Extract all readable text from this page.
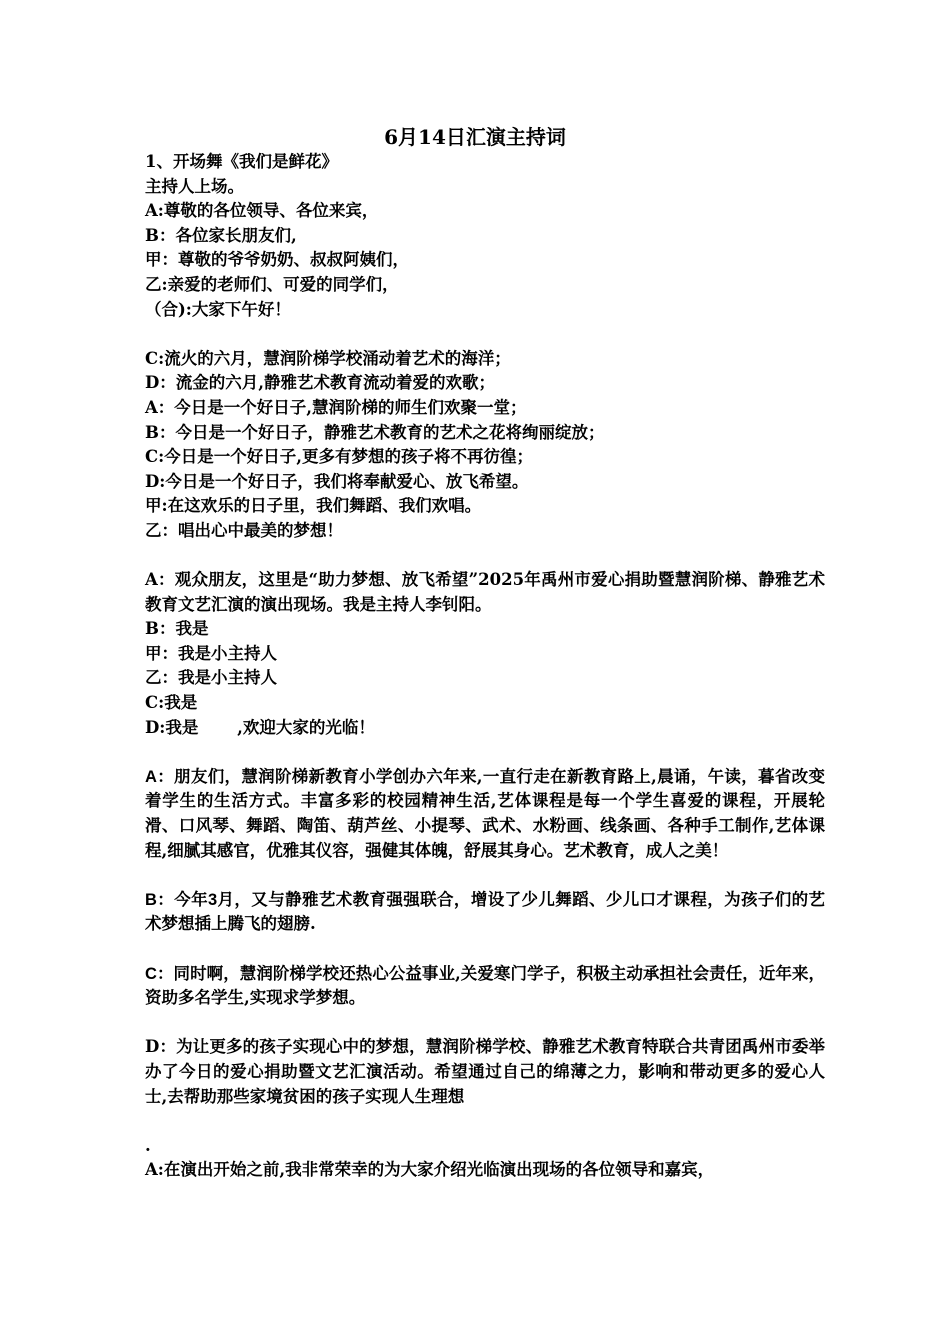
6月14日汇演主持词
1、开场舞《我们是鲜花》
主持人上场。
A:尊敬的各位领导、各位来宾，
B：各位家长朋友们,
甲：尊敬的爷爷奶奶、叔叔阿姨们，
乙:亲爱的老师们、可爱的同学们，
（合):大家下午好！
C:流火的六月，慧润阶梯学校涌动着艺术的海洋；
D：流金的六月,静雅艺术教育流动着爱的欢歌；
A：今日是一个好日子,慧润阶梯的师生们欢聚一堂；
B：今日是一个好日子，静雅艺术教育的艺术之花将绚丽绽放；
C:今日是一个好日子,更多有梦想的孩子将不再彷徨；
D:今日是一个好日子，我们将奉献爱心、放飞希望。
甲:在这欢乐的日子里，我们舞蹈、我们欢唱。
乙：唱出心中最美的梦想！
A：观众朋友，这里是“助力梦想、放飞希望”2025年禹州市爱心捐助暨慧润阶梯、静雅艺术教育文艺汇演的演出现场。我是主持人李钊阳。
B：我是
甲：我是小主持人
乙：我是小主持人
C:我是
D:我是　　 ,欢迎大家的光临！
A：朋友们，慧润阶梯新教育小学创办六年来,一直行走在新教育路上,晨诵，午读，暮省改变着学生的生活方式。丰富多彩的校园精神生活,艺体课程是每一个学生喜爱的课程，开展轮滑、口风琴、舞蹈、陶笛、葫芦丝、小提琴、武术、水粉画、线条画、各种手工制作,艺体课程,细腻其感官，优雅其仪容，强健其体魄，舒展其身心。艺术教育，成人之美！
B：今年3月，又与静雅艺术教育强强联合，增设了少儿舞蹈、少儿口才课程，为孩子们的艺术梦想插上腾飞的翅膀.
C：同时啊，慧润阶梯学校还热心公益事业,关爱寒门学子，积极主动承担社会责任，近年来，资助多名学生,实现求学梦想。
D：为让更多的孩子实现心中的梦想，慧润阶梯学校、静雅艺术教育特联合共青团禹州市委举办了今日的爱心捐助暨文艺汇演活动。希望通过自己的绵薄之力，影响和带动更多的爱心人士,去帮助那些家境贫困的孩子实现人生理想
.
A:在演出开始之前,我非常荣幸的为大家介绍光临演出现场的各位领导和嘉宾，
